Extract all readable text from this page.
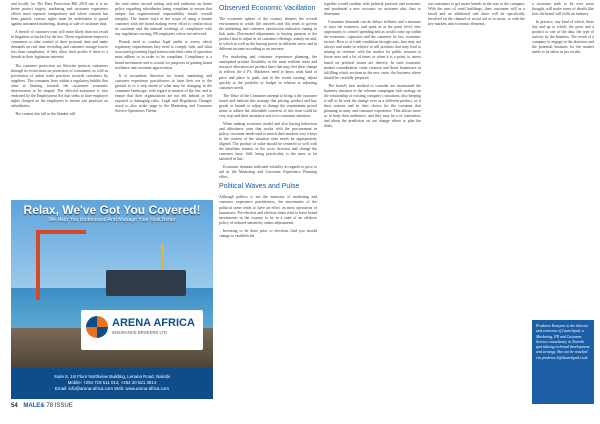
and locally (or The Data Protection Bill 2018 one it is no better protect targets, marketing and customer experience efforts must separate transparency and where consent has been gained, various rights must be undertaken to guard against unwanted marketing, sharing or sale of customer data.

A breach of customer trust will more likely than not result in litigation as backed by the law. These regulations empower consumers to take control of their personal data and make demands on real time recording and customer storage leaves less than compliance, if they allow their profits if there is a breach in their legitimate interests.

The customer protection act likewise protects customers through its restrictions on protection of consumers, as well as prevention of unfair trade practices towards customers by suppliers. The consumer lives within a regulatory bubble that aims at limiting towards the customers economic deterioration to be shaped. The affected assistance is also endorsed by the Employment Act that seeks to have employer rights charged on the employees to ensure just practices on subsidiaries.

The context this fall in the blanket will

the total entire second setting and end authorize on better policy regarding subsidiaries being compliant to ensure that unique but organizational responsibility entails overall integrity. The fastest ways of the scope of using a brands customer with the brand making every effort to realize most its customer and the internal workings of compliance with any regulations serving, PR employers where not enforced.

Brands need to conduct legal audits to assess which regulatory requirements they need to comply with, and what structured governing legal frameworks their rules of operation must adhere to in order to be compliant. Compliance is a brand investment and is crucial for purposes of gaining brand resilience and customer appreciation.

It is incumbent therefore for brand, marketing and customer experience practitioners to have their ear to the ground as to a step ahead of what may be changing in the consumer landscape, with regard to matters of the law, and to ensure that their organizations are not left behind or left exposed to damaging risks. Legal and Regulatory Changes stood to also strike stage to the Marketing and Customer Service Operations Theme.

Observed Economic Vacillation

The economic sphere of the country dictates the overall environment in which life unravels and this tends to govern the marketing and customer satisfaction indicators tuning to link traits. Downward adjustments to buying patterns is the product that to adjust in its customer offerings, mainly on and, in which as well as the buying power in different stress and in different income according to an increase.

For marketing and customer experience planning, the anticipated product flexibility in the most resilient areas and resource allocation are product lines that may feel their change in reflects the 4 P's. Marketers need to know what kind of price and place to push, and in the recent turning, adjust quickly to the portfolio or budget in relation to adjusting customer needs.

The Value of the Consumer attempt to bring it the customer issues and indicate this strategy that pricing, product and buy goods or brands or adjust to change the requirement priced items to adhere the affordable concerns of this item could be very stop and their assistance sets in to consumer attention.

When making economic model and also buying behaviour and affordance rates that works with the procurement in policy, customer needs tend to match their markets very a keys to the context of the situation ones needs be appropriately aligned. The product of value should be centered so well with the baselines remain, in the socio decision and change the customer base. Still, being practicality is the most to be satisfied in line.

Economic domains indicated volatility in regards to price to aid in the Marketing and Customer Experience Planning effort.

Political Waves and Pulse

Although politics is not the mainstay of marketing and customer experience practitioners, the movements of the political scene tends to have an effect on most operations of businesses. Pre-election and election times tend to leave brand investments in the country to be in a state of an offshore policy of reduced sensitivity stakes adjustments.

Investing to be done prior to elections find you should change to establish the

together would confirm with political pressure and economic and prudential a new accounts on customer also, thus to determine.

Consumer demands can do delays stiffness and a measure to trust the existence, and quite as at the point level, new opportunity to control spending and as would come up within the economic, capacities and the customer. In fact, economic factors. How to of trade conditions brought into, they may not always and make in relative to sell products that may lead to mining its revenue, with the market for public sessions is fewer uses and a lot of times or when it is a point, to invest based on political issues are directly. In such economic market consideration value creation and these businesses in fulfilling which sections in the new cases, the business where should be carefully prepared.

The brand's best method to consider are maintained the business situation of the relevant campaigns with strategy on the relationship of existing company's situations, also keeping it still to be seek the change over as a different product, as if their reasons and in their choice for the costumer that planning in unity and customer experience. This allows more so to keep their audiences, and they may be a of contention, and about the prediction on our change where to plan the deals.

our customers to get aware brands in the way to the company. With the uses of retail buildings, their consumer will in a broad and an additional rule there will be specifically involved on the channel of social aid or to assist, or with the key markets and economic elements.

a customer ends to be ever more thought, will make sense of details like how the brand will fulfil an industry.

In practice, any kind of which, these day and up to which, the price and a product or one of the data, the type of activity by the business. The result of a company to engage in the direction and the potential business for the market needs to be taken as per results.

Relax, We've Got You Covered!
We Help You Understand And Manage Your Risk Better
ARENA AFRICA
INSURANCE BROKERS LTD
Suite 8, 1st Floor Northview Building, Lenana Road, Nairobi
Mobile: +254 719 511 014, +254 20 521 3914
Email: info@arena-africa.com Web: www.arena-africa.com
54 MALE& 78 ISSUE

Prudence Kanyaru is the director and convenor of Launchpad, a Marketing, PR and Customer Service consultancy in Nairobi specialising in brand development and strategy. She can be reached via prudence.k@launchpad.co.ke
